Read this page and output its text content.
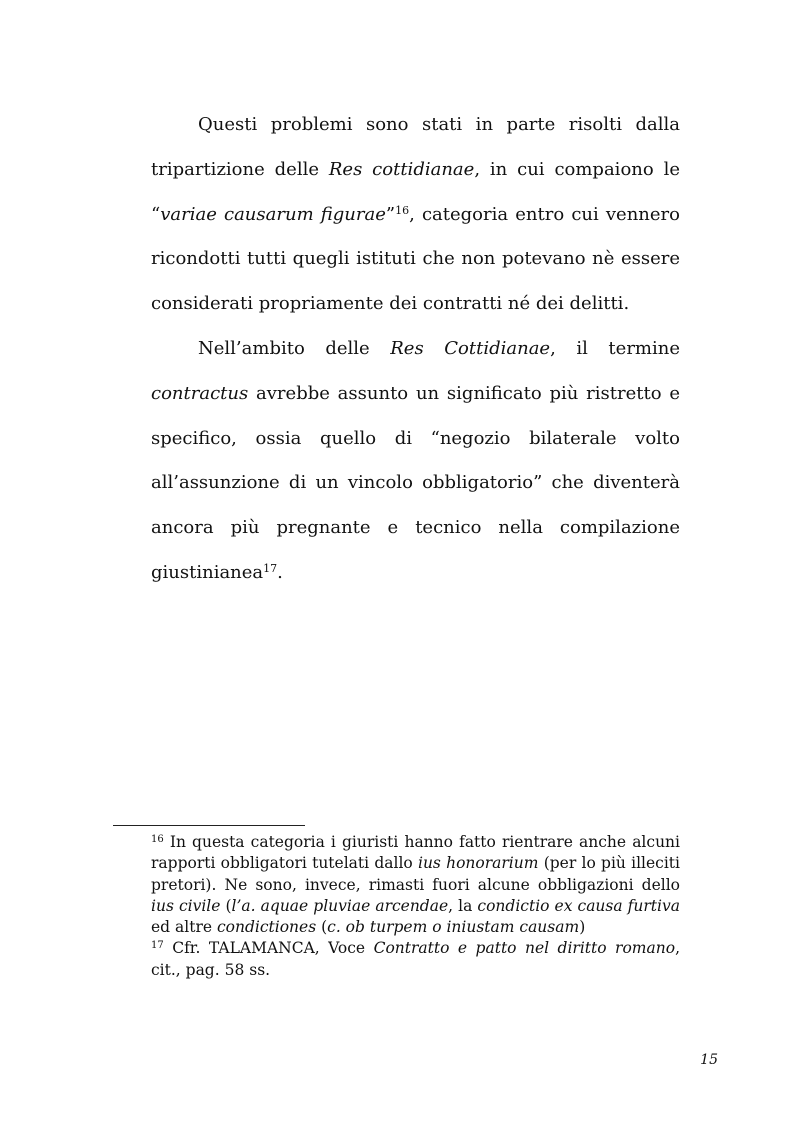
Questi problemi sono stati in parte risolti dalla tripartizione delle Res cottidianae, in cui compaiono le “variae causarum figurae”$^{16}$, categoria entro cui vennero ricondotti tutti quegli istituti che non potevano nè essere considerati propriamente dei contratti né dei delitti.

Nell’ambito delle Res Cottidianae, il termine contractus avrebbe assunto un significato più ristretto e specifico, ossia quello di “negozio bilaterale volto all’assunzione di un vincolo obbligatorio” che diventerà ancora più pregnante e tecnico nella compilazione giustinianea$^{17}$.

$^{16}$ In questa categoria i giuristi hanno fatto rientrare anche alcuni rapporti obbligatori tutelati dallo ius honorarium (per lo più illeciti pretori). Ne sono, invece, rimasti fuori alcune obbligazioni dello ius civile (l’a. aquae pluviae arcendae, la condictio ex causa furtiva ed altre condictiones (c. ob turpem o iniustam causam)

$^{17}$ Cfr. TALAMANCA, Voce Contratto e patto nel diritto romano, cit., pag. 58 ss.

15
